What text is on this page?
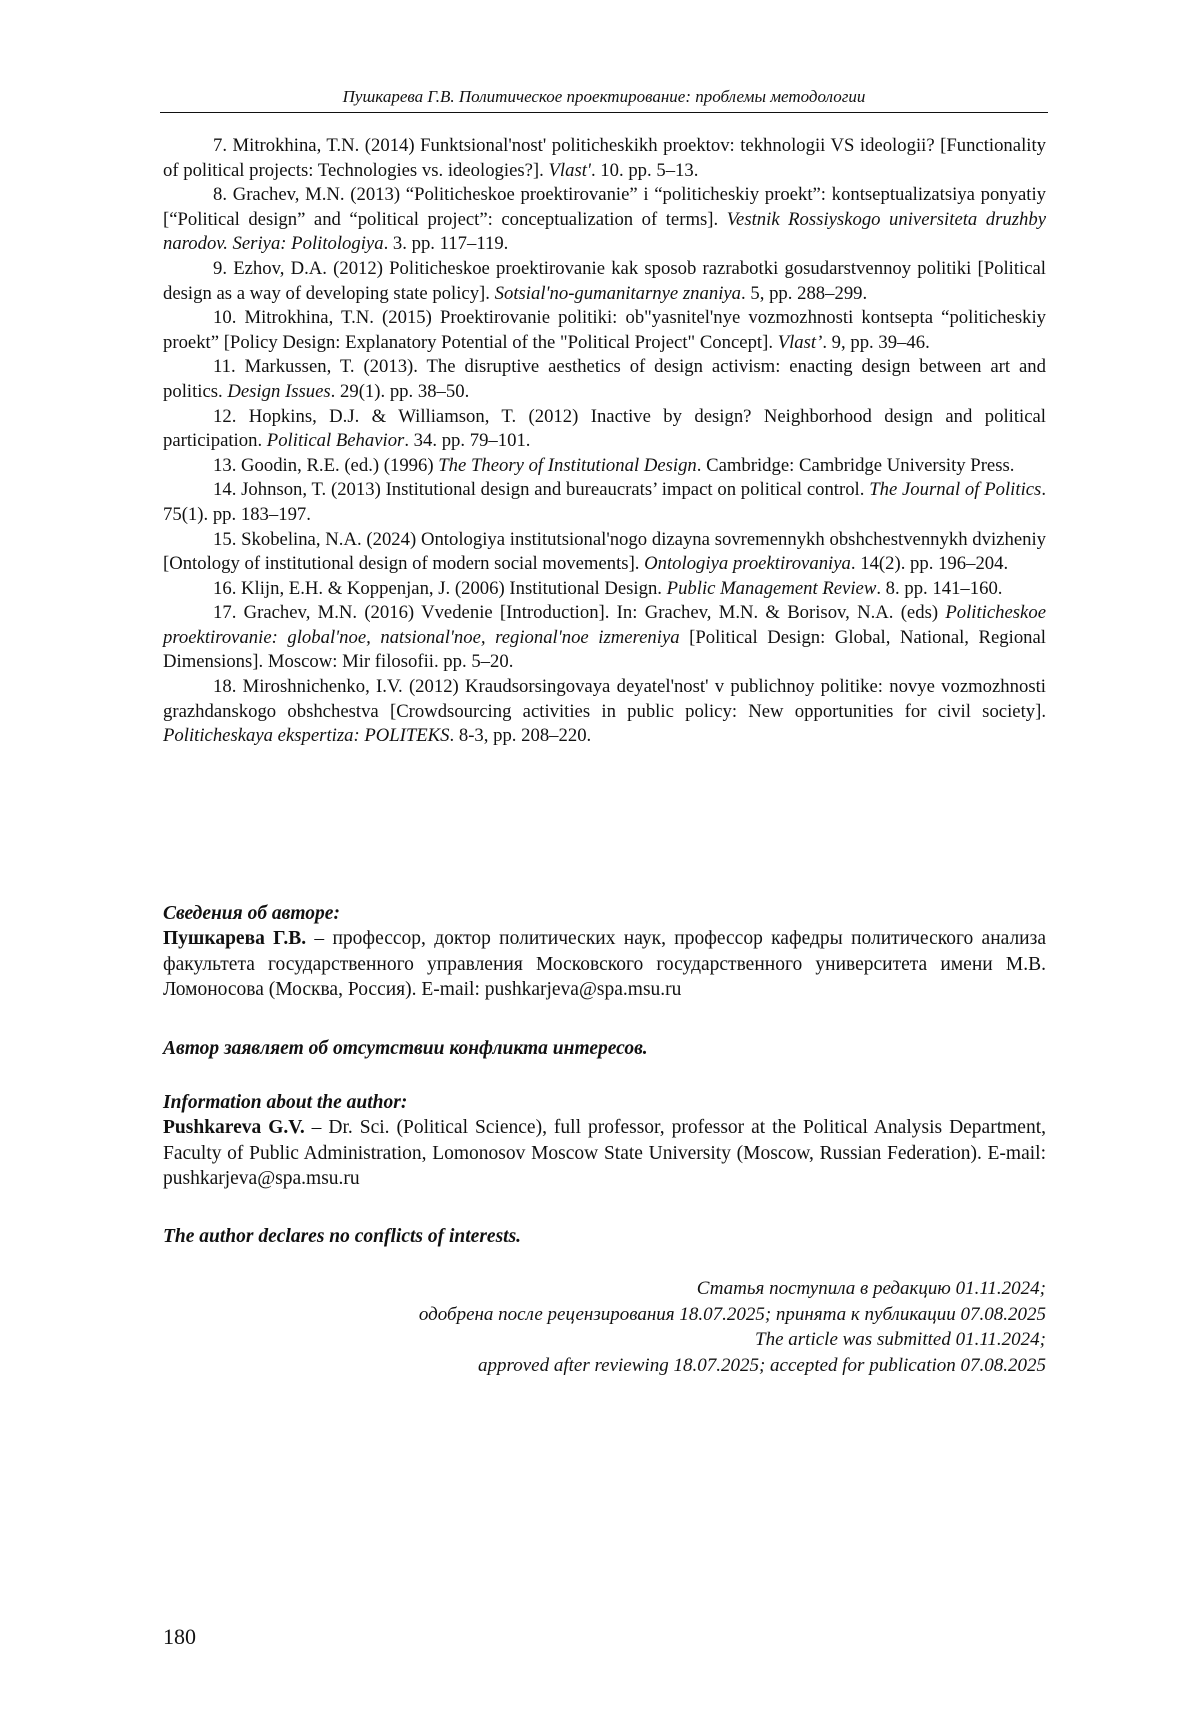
Пушкарева Г.В. Политическое проектирование: проблемы методологии

7. Mitrokhina, T.N. (2014) Funktsional'nost' politicheskikh proektov: tekhnologii VS ideologii? [Functionality of political projects: Technologies vs. ideologies?]. Vlast'. 10. pp. 5–13.

8. Grachev, M.N. (2013) “Politicheskoe proektirovanie” i “politicheskiy proekt”: kontseptualizatsiya ponyatiy [“Political design” and “political project”: conceptualization of terms]. Vestnik Rossiyskogo universiteta druzhby narodov. Seriya: Politologiya. 3. pp. 117–119.

9. Ezhov, D.A. (2012) Politicheskoe proektirovanie kak sposob razrabotki gosudarstvennoy politiki [Political design as a way of developing state policy]. Sotsial'no-gumanitarnye znaniya. 5, pp. 288–299.

10. Mitrokhina, T.N. (2015) Proektirovanie politiki: ob"yasnitel'nye vozmozhnosti kontsepta “politicheskiy proekt” [Policy Design: Explanatory Potential of the "Political Project" Concept]. Vlast’. 9, pp. 39–46.

11. Markussen, T. (2013). The disruptive aesthetics of design activism: enacting design between art and politics. Design Issues. 29(1). pp. 38–50.

12. Hopkins, D.J. & Williamson, T. (2012) Inactive by design? Neighborhood design and political participation. Political Behavior. 34. pp. 79–101.

13. Goodin, R.E. (ed.) (1996) The Theory of Institutional Design. Cambridge: Cambridge University Press.

14. Johnson, T. (2013) Institutional design and bureaucrats’ impact on political control. The Journal of Politics. 75(1). pp. 183–197.

15. Skobelina, N.A. (2024) Ontologiya institutsional'nogo dizayna sovremennykh obshchestvennykh dvizheniy [Ontology of institutional design of modern social movements]. Ontologiya proektirovaniya. 14(2). pp. 196–204.

16. Klijn, E.H. & Koppenjan, J. (2006) Institutional Design. Public Management Review. 8. pp. 141–160.

17. Grachev, M.N. (2016) Vvedenie [Introduction]. In: Grachev, M.N. & Borisov, N.A. (eds) Politicheskoe proektirovanie: global'noe, natsional'noe, regional'noe izmereniya [Political Design: Global, National, Regional Dimensions]. Moscow: Mir filosofii. pp. 5–20.

18. Miroshnichenko, I.V. (2012) Kraudsorsingovaya deyatel'nost' v publichnoy politike: novye vozmozhnosti grazhdanskogo obshchestva [Crowdsourcing activities in public policy: New opportunities for civil society]. Politicheskaya ekspertiza: POLITEKS. 8-3, pp. 208–220.

Сведения об авторе:
Пушкарева Г.В. – профессор, доктор политических наук, профессор кафедры политического анализа факультета государственного управления Московского государственного университета имени М.В. Ломоносова (Москва, Россия). E-mail: pushkarjeva@spa.msu.ru
Автор заявляет об отсутствии конфликта интересов.
Information about the author:
Pushkareva G.V. – Dr. Sci. (Political Science), full professor, professor at the Political Analysis Department, Faculty of Public Administration, Lomonosov Moscow State University (Moscow, Russian Federation). E-mail: pushkarjeva@spa.msu.ru
The author declares no conflicts of interests.
Статья поступила в редакцию 01.11.2024;
одобрена после рецензирования 18.07.2025; принята к публикации 07.08.2025
The article was submitted 01.11.2024;
approved after reviewing 18.07.2025; accepted for publication 07.08.2025
180
